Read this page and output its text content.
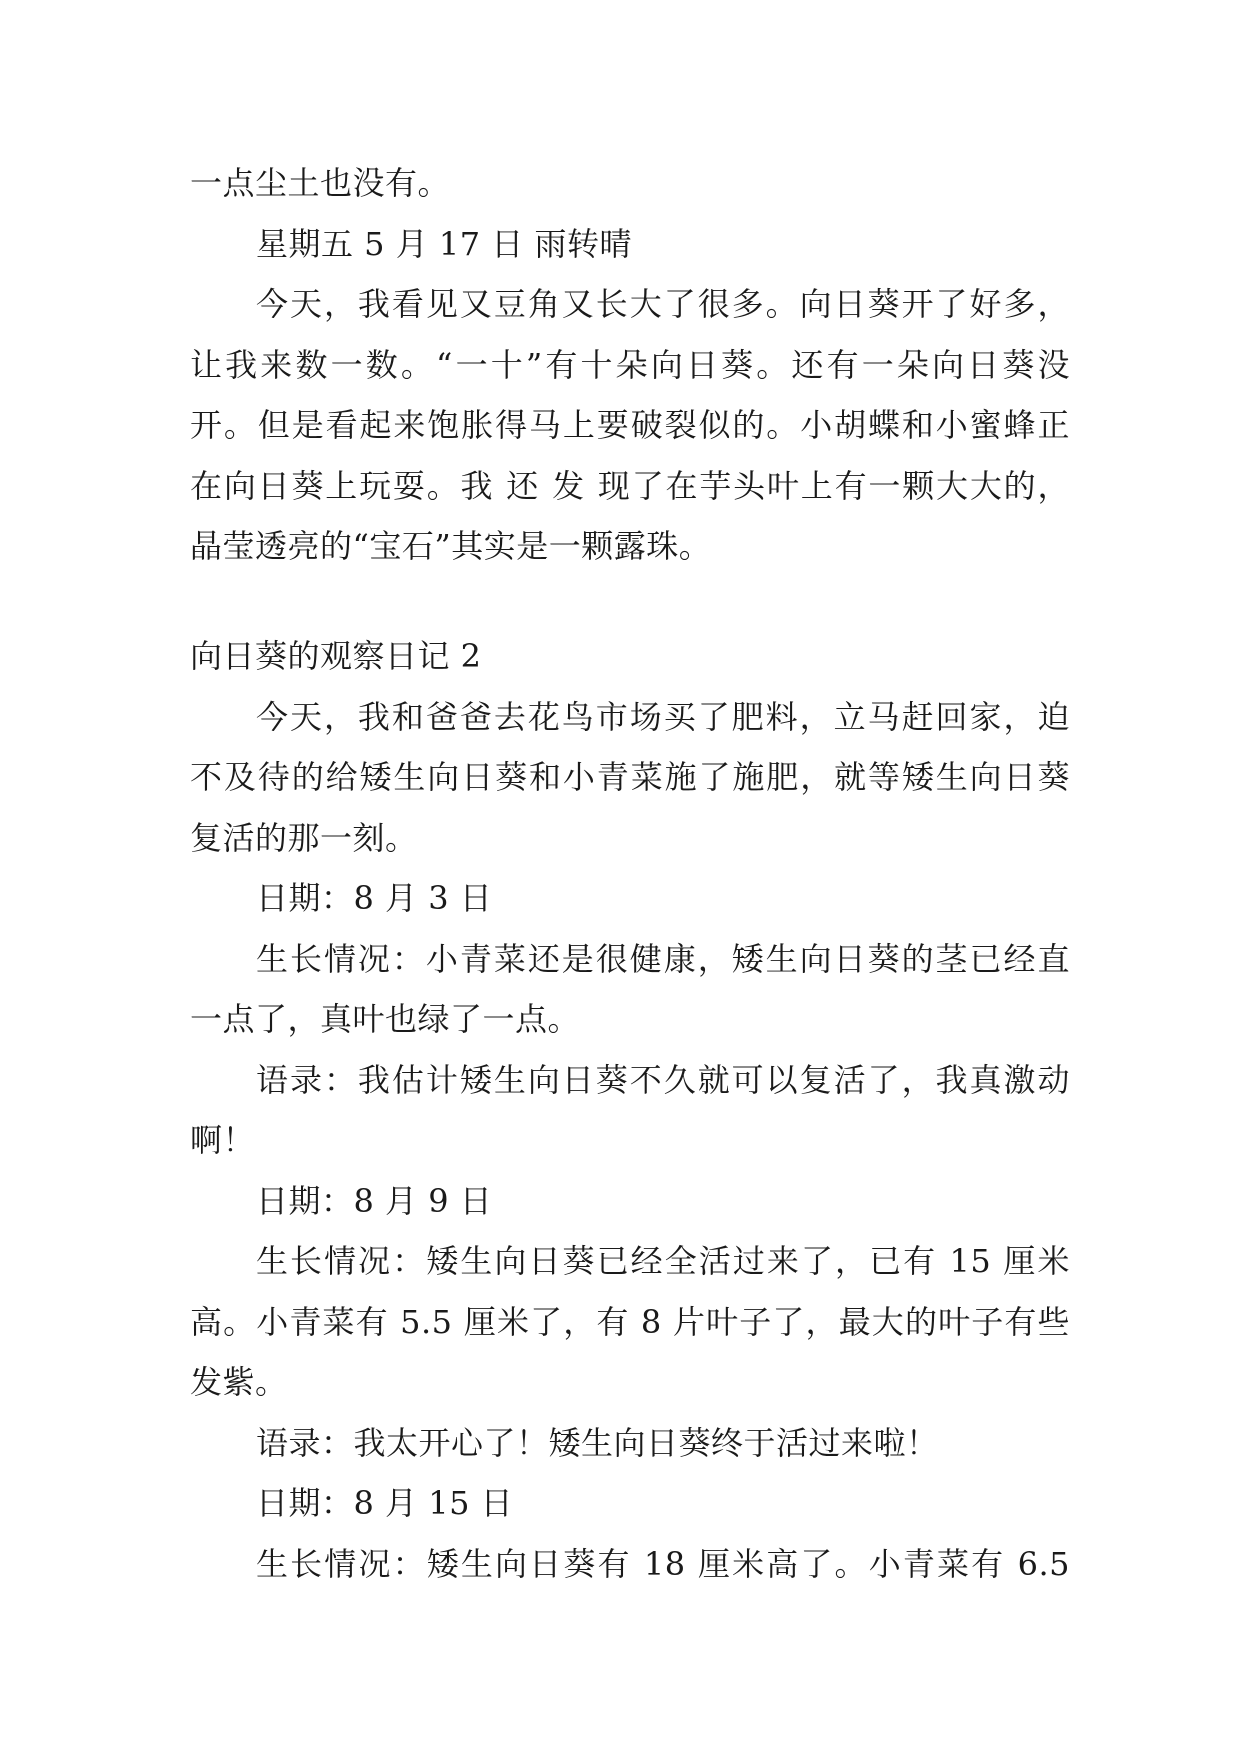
一点尘土也没有。
星期五 5 月 17 日 雨转晴
今天，我看见又豆角又长大了很多。向日葵开了好多，
让我来数一数。“一十”有十朵向日葵。还有一朵向日葵没
开。但是看起来饱胀得马上要破裂似的。小胡蝶和小蜜蜂正
在向日葵上玩耍。我 还 发 现了在芋头叶上有一颗大大的，
晶莹透亮的“宝石”其实是一颗露珠。
向日葵的观察日记 2
今天，我和爸爸去花鸟市场买了肥料，立马赶回家，迫
不及待的给矮生向日葵和小青菜施了施肥，就等矮生向日葵
复活的那一刻。
日期：8 月 3 日
生长情况：小青菜还是很健康，矮生向日葵的茎已经直
一点了，真叶也绿了一点。
语录：我估计矮生向日葵不久就可以复活了，我真激动
啊！
日期：8 月 9 日
生长情况：矮生向日葵已经全活过来了，已有 15 厘米
高。小青菜有 5.5 厘米了，有 8 片叶子了，最大的叶子有些
发紫。
语录：我太开心了！矮生向日葵终于活过来啦！
日期：8 月 15 日
生长情况：矮生向日葵有 18 厘米高了。小青菜有 6.5
